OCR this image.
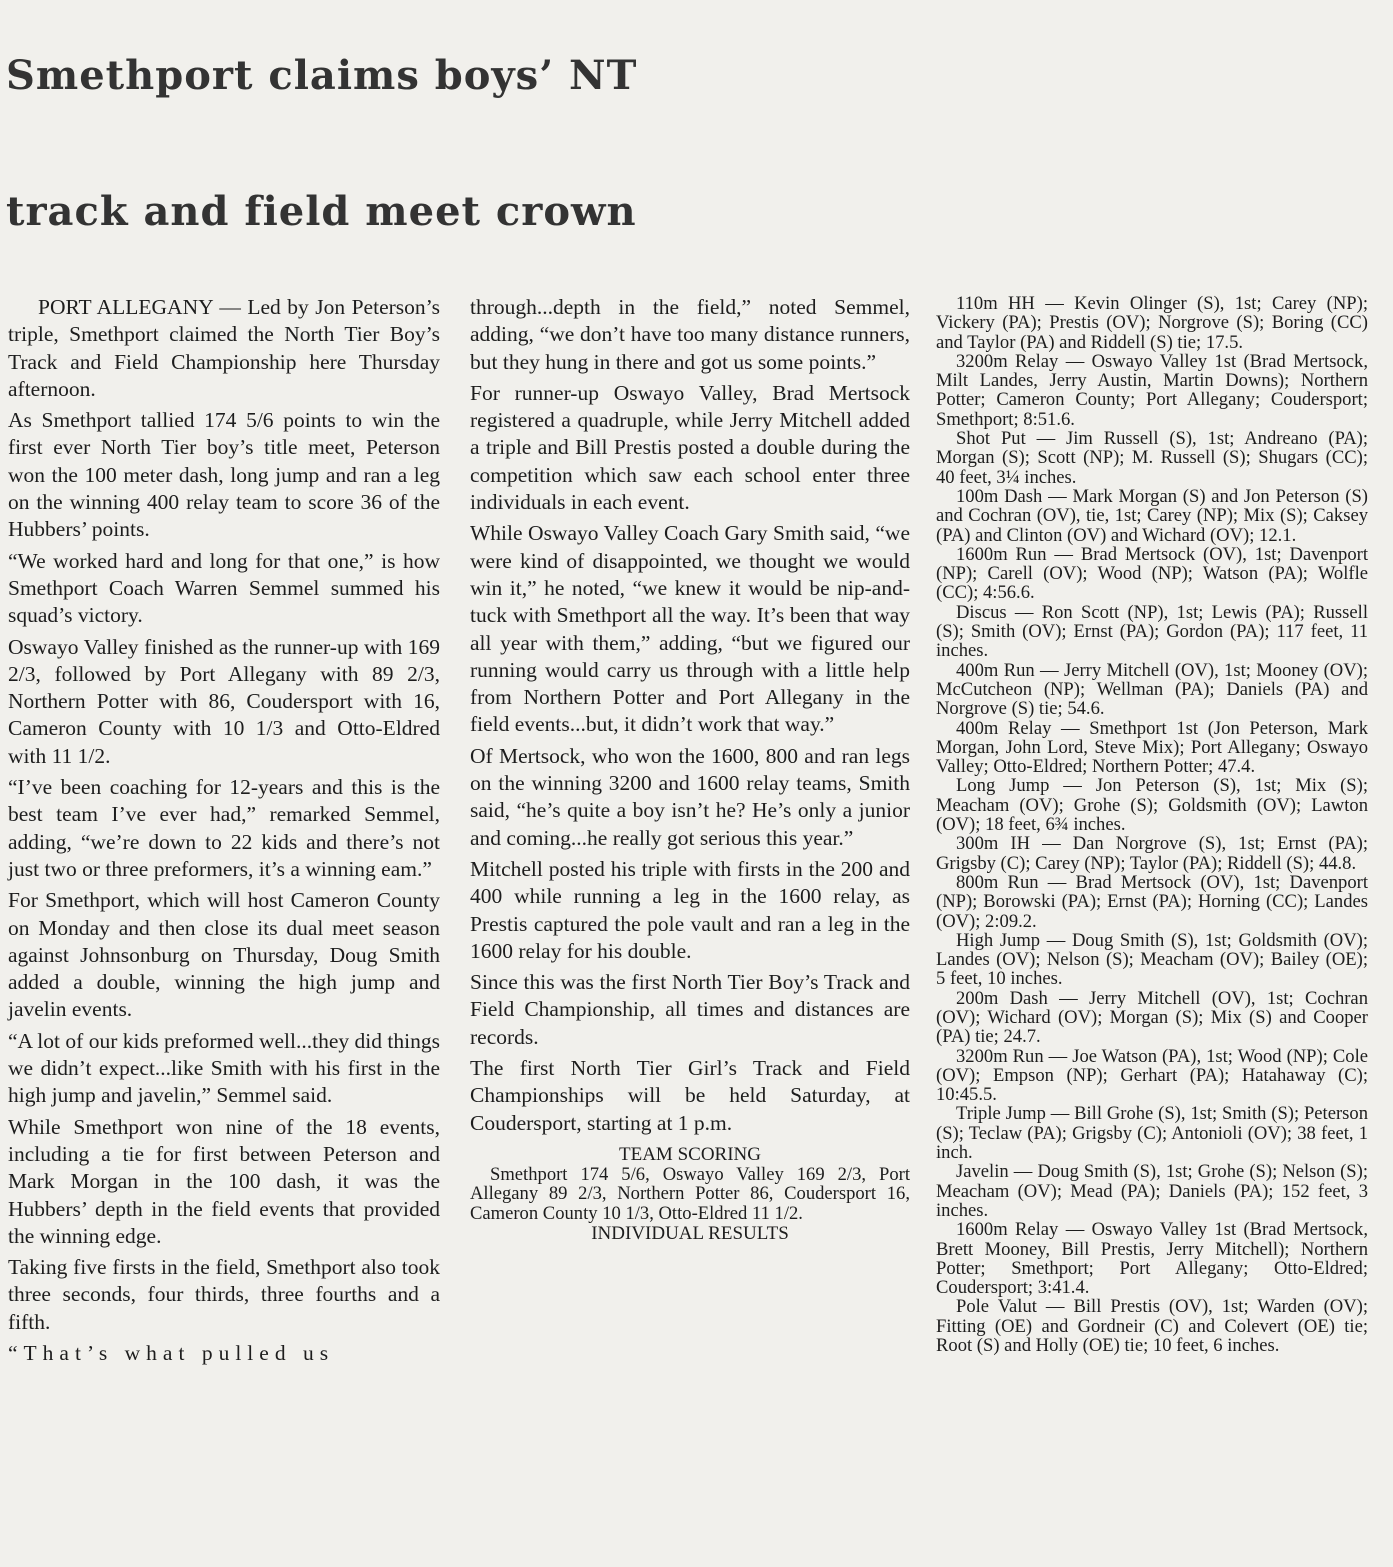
Smethport claims boys’ NT
track and field meet crown

PORT ALLEGANY — Led by Jon Peterson’s triple, Smethport claimed the North Tier Boy’s Track and Field Championship here Thursday afternoon.

As Smethport tallied 174 5/6 points to win the first ever North Tier boy’s title meet, Peterson won the 100 meter dash, long jump and ran a leg on the winning 400 relay team to score 36 of the Hubbers’ points.

“We worked hard and long for that one,” is how Smethport Coach Warren Semmel summed his squad’s victory.

Oswayo Valley finished as the runner-up with 169 2/3, followed by Port Allegany with 89 2/3, Northern Potter with 86, Coudersport with 16, Cameron County with 10 1/3 and Otto-Eldred with 11 1/2.

“I’ve been coaching for 12-years and this is the best team I’ve ever had,” remarked Semmel, adding, “we’re down to 22 kids and there’s not just two or three preformers, it’s a winning eam.”

For Smethport, which will host Cameron County on Monday and then close its dual meet season against Johnsonburg on Thursday, Doug Smith added a double, winning the high jump and javelin events.

“A lot of our kids preformed well...they did things we didn’t expect...like Smith with his first in the high jump and javelin,” Semmel said.

While Smethport won nine of the 18 events, including a tie for first between Peterson and Mark Morgan in the 100 dash, it was the Hubbers’ depth in the field events that provided the winning edge.

Taking five firsts in the field, Smethport also took three seconds, four thirds, three fourths and a fifth.

“That’s what pulled us

through...depth in the field,” noted Semmel, adding, “we don’t have too many distance runners, but they hung in there and got us some points.”

For runner-up Oswayo Valley, Brad Mertsock registered a quadruple, while Jerry Mitchell added a triple and Bill Prestis posted a double during the competition which saw each school enter three individuals in each event.

While Oswayo Valley Coach Gary Smith said, “we were kind of disappointed, we thought we would win it,” he noted, “we knew it would be nip-and-tuck with Smethport all the way. It’s been that way all year with them,” adding, “but we figured our running would carry us through with a little help from Northern Potter and Port Allegany in the field events...but, it didn’t work that way.”

Of Mertsock, who won the 1600, 800 and ran legs on the winning 3200 and 1600 relay teams, Smith said, “he’s quite a boy isn’t he? He’s only a junior and coming...he really got serious this year.”

Mitchell posted his triple with firsts in the 200 and 400 while running a leg in the 1600 relay, as Prestis captured the pole vault and ran a leg in the 1600 relay for his double.

Since this was the first North Tier Boy’s Track and Field Championship, all times and distances are records.

The first North Tier Girl’s Track and Field Championships will be held Saturday, at Coudersport, starting at 1 p.m.

TEAM SCORING
Smethport 174 5/6, Oswayo Valley 169 2/3, Port Allegany 89 2/3, Northern Potter 86, Coudersport 16, Cameron County 10 1/3, Otto-Eldred 11 1/2.
INDIVIDUAL RESULTS

110m HH — Kevin Olinger (S), 1st; Carey (NP); Vickery (PA); Prestis (OV); Norgrove (S); Boring (CC) and Taylor (PA) and Riddell (S) tie; 17.5.

3200m Relay — Oswayo Valley 1st (Brad Mertsock, Milt Landes, Jerry Austin, Martin Downs); Northern Potter; Cameron County; Port Allegany; Coudersport; Smethport; 8:51.6.

Shot Put — Jim Russell (S), 1st; Andreano (PA); Morgan (S); Scott (NP); M. Russell (S); Shugars (CC); 40 feet, 3¼ inches.

100m Dash — Mark Morgan (S) and Jon Peterson (S) and Cochran (OV), tie, 1st; Carey (NP); Mix (S); Caksey (PA) and Clinton (OV) and Wichard (OV); 12.1.

1600m Run — Brad Mertsock (OV), 1st; Davenport (NP); Carell (OV); Wood (NP); Watson (PA); Wolfle (CC); 4:56.6.

Discus — Ron Scott (NP), 1st; Lewis (PA); Russell (S); Smith (OV); Ernst (PA); Gordon (PA); 117 feet, 11 inches.

400m Run — Jerry Mitchell (OV), 1st; Mooney (OV); McCutcheon (NP); Wellman (PA); Daniels (PA) and Norgrove (S) tie; 54.6.

400m Relay — Smethport 1st (Jon Peterson, Mark Morgan, John Lord, Steve Mix); Port Allegany; Oswayo Valley; Otto-Eldred; Northern Potter; 47.4.

Long Jump — Jon Peterson (S), 1st; Mix (S); Meacham (OV); Grohe (S); Goldsmith (OV); Lawton (OV); 18 feet, 6¾ inches.

300m IH — Dan Norgrove (S), 1st; Ernst (PA); Grigsby (C); Carey (NP); Taylor (PA); Riddell (S); 44.8.

800m Run — Brad Mertsock (OV), 1st; Davenport (NP); Borowski (PA); Ernst (PA); Horning (CC); Landes (OV); 2:09.2.

High Jump — Doug Smith (S), 1st; Goldsmith (OV); Landes (OV); Nelson (S); Meacham (OV); Bailey (OE); 5 feet, 10 inches.

200m Dash — Jerry Mitchell (OV), 1st; Cochran (OV); Wichard (OV); Morgan (S); Mix (S) and Cooper (PA) tie; 24.7.

3200m Run — Joe Watson (PA), 1st; Wood (NP); Cole (OV); Empson (NP); Gerhart (PA); Hatahaway (C); 10:45.5.

Triple Jump — Bill Grohe (S), 1st; Smith (S); Peterson (S); Teclaw (PA); Grigsby (C); Antonioli (OV); 38 feet, 1 inch.

Javelin — Doug Smith (S), 1st; Grohe (S); Nelson (S); Meacham (OV); Mead (PA); Daniels (PA); 152 feet, 3 inches.

1600m Relay — Oswayo Valley 1st (Brad Mertsock, Brett Mooney, Bill Prestis, Jerry Mitchell); Northern Potter; Smethport; Port Allegany; Otto-Eldred; Coudersport; 3:41.4.

Pole Valut — Bill Prestis (OV), 1st; Warden (OV); Fitting (OE) and Gordneir (C) and Colevert (OE) tie; Root (S) and Holly (OE) tie; 10 feet, 6 inches.
